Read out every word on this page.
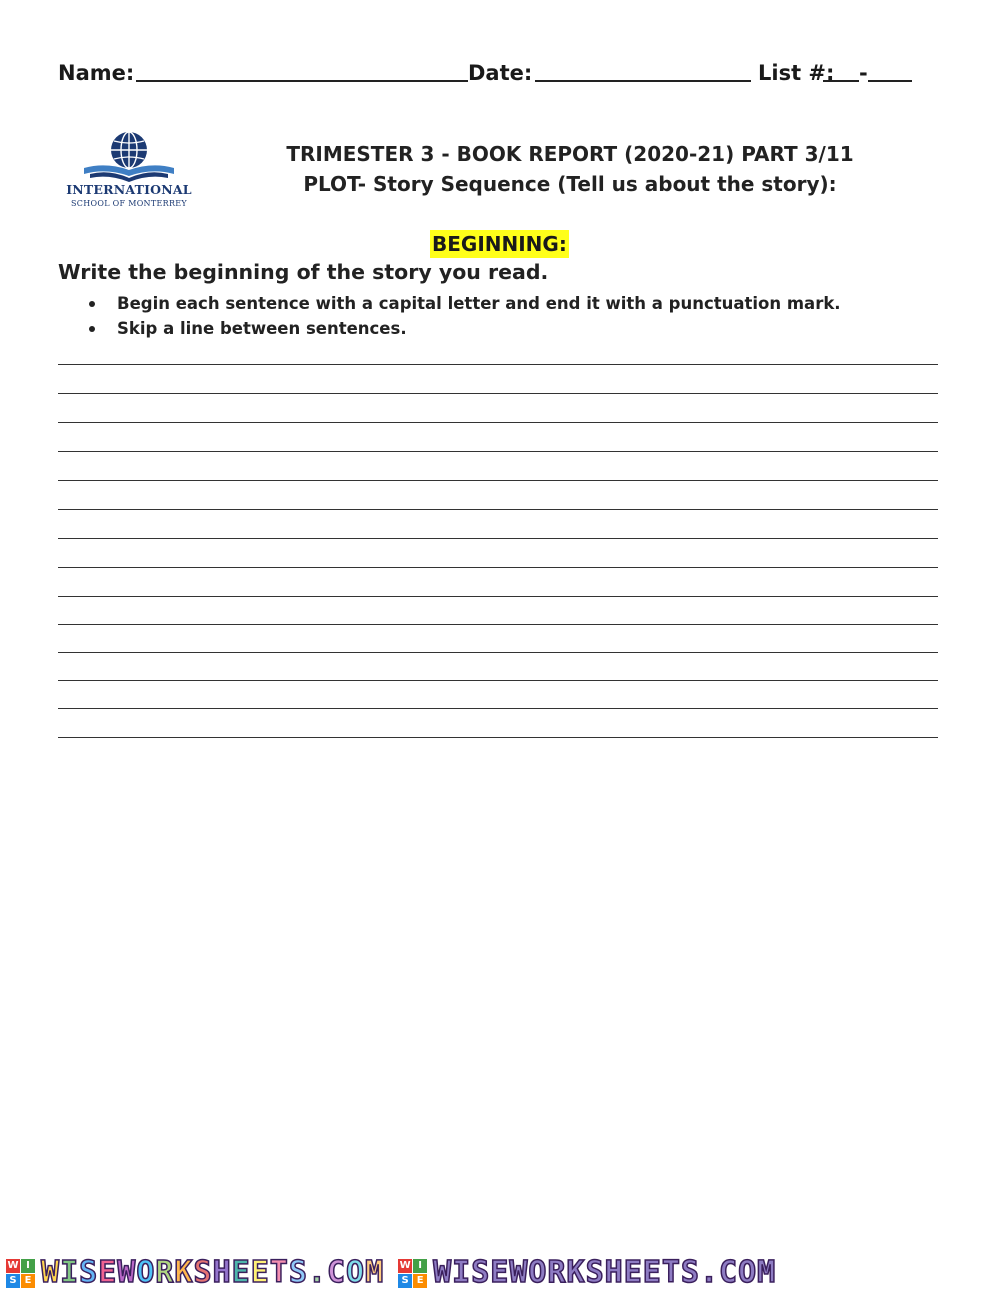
Name:	Date:	List #: -
INTERNATIONAL
SCHOOL OF MONTERREY
TRIMESTER 3 - BOOK REPORT (2020-21) PART 3/11
PLOT- Story Sequence (Tell us about the story):
BEGINNING:
Write the beginning of the story you read.
Begin each sentence with a capital letter and end it with a punctuation mark.
Skip a line between sentences.
W I
S E WISEWORKSHEETS.COM W I
S E WISEWORKSHEETS.COM
